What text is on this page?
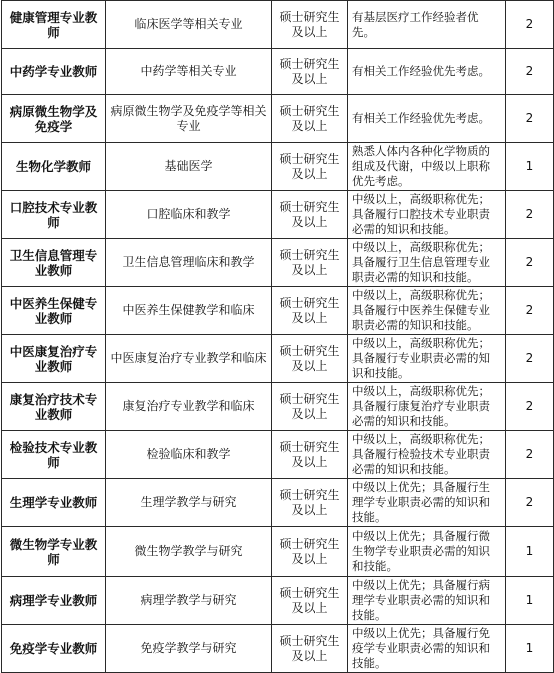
健康管理专业教师	临床医学等相关专业	硕士研究生及以上	有基层医疗工作经验者优先。	2
中药学专业教师	中药学等相关专业	硕士研究生及以上	有相关工作经验优先考虑。	2
病原微生物学及免疫学	病原微生物学及免疫学等相关专业	硕士研究生及以上	有相关工作经验优先考虑。	2
生物化学教师	基础医学	硕士研究生及以上	熟悉人体内各种化学物质的组成及代谢，中级以上职称优先考虑。	1
口腔技术专业教师	口腔临床和教学	硕士研究生及以上	中级以上，高级职称优先；具备履行口腔技术专业职责必需的知识和技能。	2
卫生信息管理专业教师	卫生信息管理临床和教学	硕士研究生及以上	中级以上，高级职称优先；具备履行卫生信息管理专业职责必需的知识和技能。	2
中医养生保健专业教师	中医养生保健教学和临床	硕士研究生及以上	中级以上，高级职称优先；具备履行中医养生保健专业职责必需的知识和技能。	2
中医康复治疗专业教师	中医康复治疗专业教学和临床	硕士研究生及以上	中级以上，高级职称优先；具备履行专业职责必需的知识和技能。	2
康复治疗技术专业教师	康复治疗专业教学和临床	硕士研究生及以上	中级以上，高级职称优先；具备履行康复治疗专业职责必需的知识和技能。	2
检验技术专业教师	检验临床和教学	硕士研究生及以上	中级以上，高级职称优先；具备履行检验技术专业职责必需的知识和技能。	2
生理学专业教师	生理学教学与研究	硕士研究生及以上	中级以上优先；具备履行生理学专业职责必需的知识和技能。	2
微生物学专业教师	微生物学教学与研究	硕士研究生及以上	中级以上优先；具备履行微生物学专业职责必需的知识和技能。	1
病理学专业教师	病理学教学与研究	硕士研究生及以上	中级以上优先；具备履行病理学专业职责必需的知识和技能。	1
免疫学专业教师	免疫学教学与研究	硕士研究生及以上	中级以上优先；具备履行免疫学专业职责必需的知识和技能。	1
